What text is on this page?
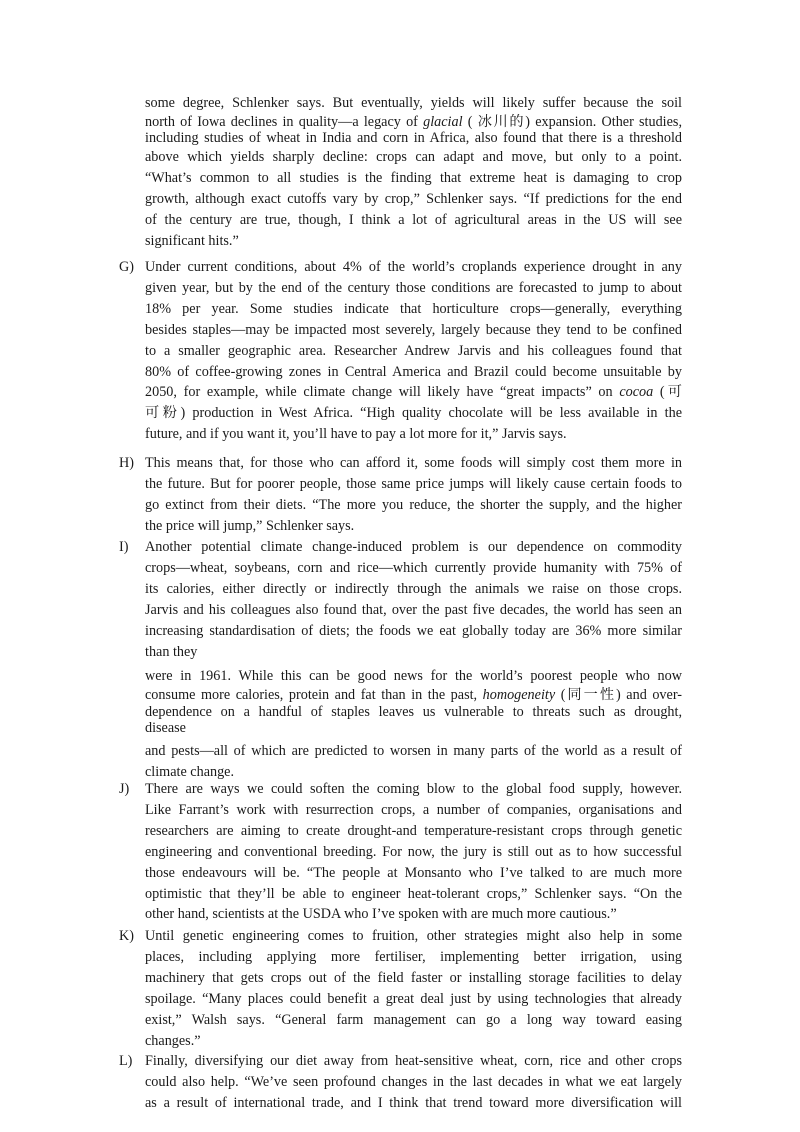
some degree, Schlenker says. But eventually, yields will likely suffer because the soil
north of Iowa declines in quality—a legacy of glacial ( 冰川的) expansion. Other studies,
including studies of wheat in India and corn in Africa, also found that there is a threshold
above which yields sharply decline: crops can adapt and move, but only to a point.
“What’s common to all studies is the finding that extreme heat is damaging to crop
growth, although exact cutoffs vary by crop,” Schlenker says. “If predictions for the end
of the century are true, though, I think a lot of agricultural areas in the US will see
significant hits.”
G) Under current conditions, about 4% of the world’s croplands experience drought in any
given year, but by the end of the century those conditions are forecasted to jump to about
18% per year. Some studies indicate that horticulture crops—generally, everything
besides staples—may be impacted most severely, largely because they tend to be confined
to a smaller geographic area. Researcher Andrew Jarvis and his colleagues found that
80% of coffee-growing zones in Central America and Brazil could become unsuitable by
2050, for example, while climate change will likely have “great impacts” on cocoa (可
可粉) production in West Africa. “High quality chocolate will be less available in the
future, and if you want it, you’ll have to pay a lot more for it,” Jarvis says.
H) This means that, for those who can afford it, some foods will simply cost them more in
the future. But for poorer people, those same price jumps will likely cause certain foods to
go extinct from their diets. “The more you reduce, the shorter the supply, and the higher
the price will jump,” Schlenker says.
I)	Another potential climate change-induced problem is our dependence on commodity
crops—wheat, soybeans, corn and rice—which currently provide humanity with 75% of
its calories, either directly or indirectly through the animals we raise on those crops.
Jarvis and his colleagues also found that, over the past five decades, the world has seen an
increasing standardisation of diets; the foods we eat globally today are 36% more similar
than they
were in 1961. While this can be good news for the world’s poorest people who now
consume more calories, protein and fat than in the past, homogeneity (同一性) and over-
dependence on a handful of staples leaves us vulnerable to threats such as drought,
disease
and pests—all of which are predicted to worsen in many parts of the world as a result of
climate change.
J)	There are ways we could soften the coming blow to the global food supply, however.
Like Farrant’s work with resurrection crops, a number of companies, organisations and
researchers are aiming to create drought-and temperature-resistant crops through genetic
engineering and conventional breeding. For now, the jury is still out as to how successful
those endeavours will be. “The people at Monsanto who I’ve talked to are much more
optimistic that they’ll be able to engineer heat-tolerant crops,” Schlenker says. “On the
other hand, scientists at the USDA who I’ve spoken with are much more cautious.”
K) Until genetic engineering comes to fruition, other strategies might also help in some
places, including applying more fertiliser, implementing better irrigation, using
machinery that gets crops out of the field faster or installing storage facilities to delay
spoilage. “Many places could benefit a great deal just by using technologies that already
exist,” Walsh says. “General farm management can go a long way toward easing
changes.”
L) Finally, diversifying our diet away from heat-sensitive wheat, corn, rice and other crops
could also help. “We’ve seen profound changes in the last decades in what we eat largely
as a result of international trade, and I think that trend toward more diversification will
